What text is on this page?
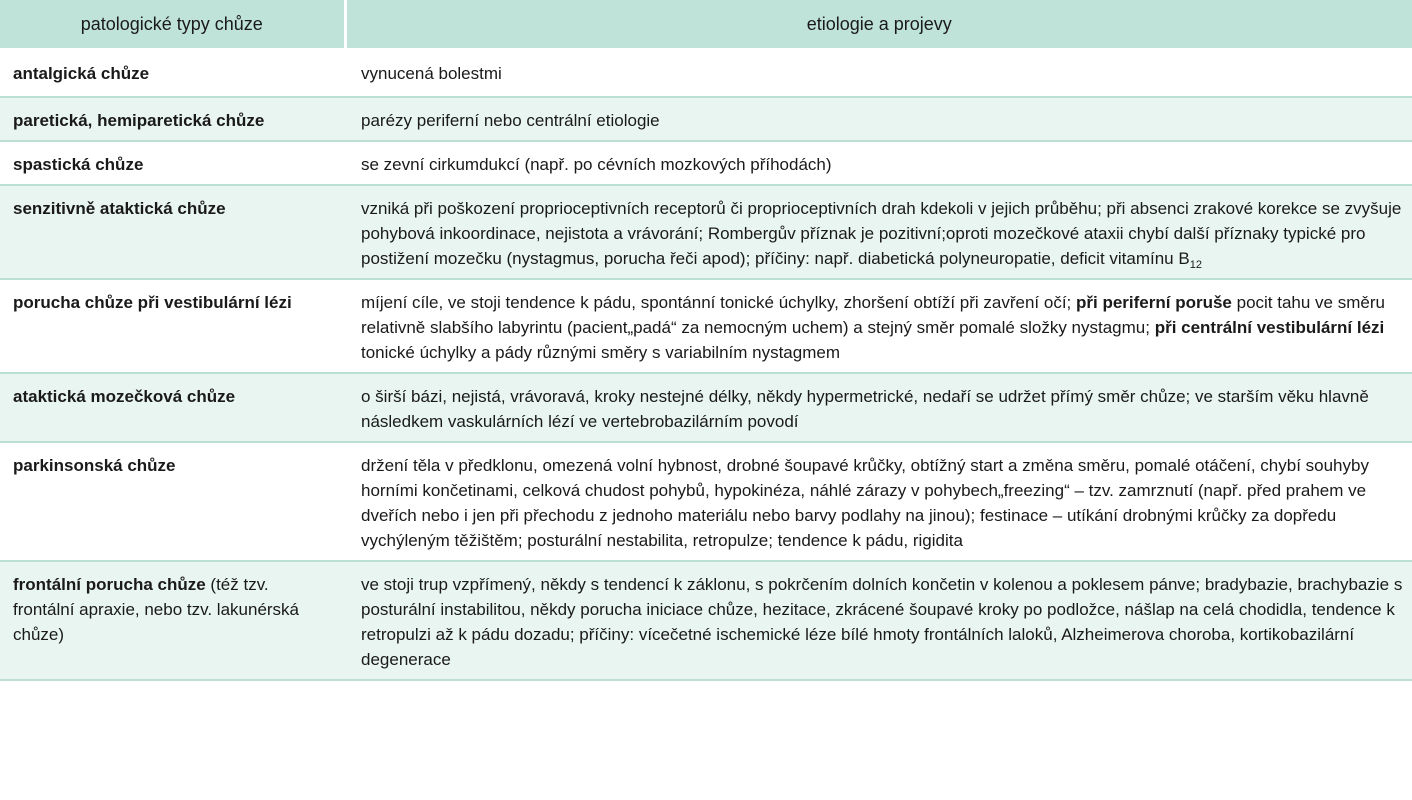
patologické typy chůze	etiologie a projevy
antalgická chůze	vynucená bolestmi
paretická, hemiparetická chůze	parézy periferní nebo centrální etiologie
spastická chůze	se zevní cirkumdukcí (např. po cévních mozkových příhodách)
senzitivně ataktická chůze	vzniká při poškození proprioceptivních receptorů či proprioceptivních drah kdekoli v jejich průběhu; při absenci zrakové korekce se zvyšuje pohybová inkoordinace, nejistota a vrávorání; Rombergův příznak je pozitivní;oproti mozečkové ataxii chybí další příznaky typické pro postižení mozečku (nystagmus, porucha řeči apod); příčiny: např. diabetická polyneuropatie, deficit vitamínu $B_{12}$
porucha chůze při vestibulární lézi	míjení cíle, ve stoji tendence k pádu, spontánní tonické úchylky, zhoršení obtíží při zavření očí; při periferní poruše pocit tahu ve směru relativně slabšího labyrintu (pacient„padá“ za nemocným uchem) a stejný směr pomalé složky nystagmu; při centrální vestibulární lézi tonické úchylky a pády různými směry s variabilním nystagmem
ataktická mozečková chůze	o širší bázi, nejistá, vrávoravá, kroky nestejné délky, někdy hypermetrické, nedaří se udržet přímý směr chůze; ve starším věku hlavně následkem vaskulárních lézí ve vertebrobazilárním povodí
parkinsonská chůze	držení těla v předklonu, omezená volní hybnost, drobné šoupavé krůčky, obtížný start a změna směru, pomalé otáčení, chybí souhyby horními končetinami, celková chudost pohybů, hypokinéza, náhlé zárazy v pohybech„freezing“ – tzv. zamrznutí (např. před prahem ve dveřích nebo i jen při přechodu z jednoho materiálu nebo barvy podlahy na jinou); festinace – utíkání drobnými krůčky za dopředu vychýleným těžištěm; posturální nestabilita, retropulze; tendence k pádu, rigidita
frontální porucha chůze (též tzv. frontální apraxie, nebo tzv. lakunérská chůze)	ve stoji trup vzpřímený, někdy s tendencí k záklonu, s pokrčením dolních končetin v kolenou a poklesem pánve; bradybazie, brachybazie s posturální instabilitou, někdy porucha iniciace chůze, hezitace, zkrácené šoupavé kroky po podložce, nášlap na celá chodidla, tendence k retropulzi až k pádu dozadu; příčiny: vícečetné ischemické léze bílé hmoty frontálních laloků, Alzheimerova choroba, kortikobazilární degenerace
